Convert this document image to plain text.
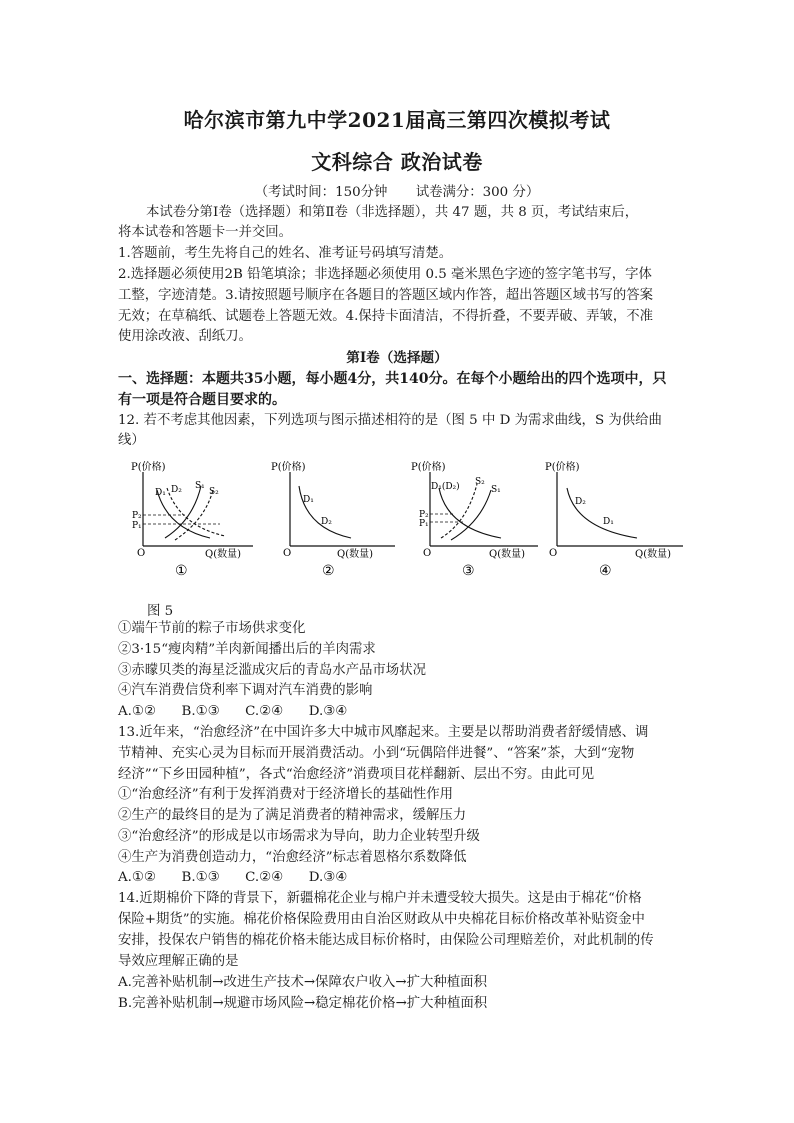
哈尔滨市第九中学2021届高三第四次模拟考试
文科综合 政治试卷
（考试时间：150分钟 试卷满分：300 分）
本试卷分第Ⅰ卷（选择题）和第Ⅱ卷（非选择题），共 47 题，共 8 页，考试结束后，
将本试卷和答题卡一并交回。
1.答题前，考生先将自己的姓名、准考证号码填写清楚。
2.选择题必须使用2B 铅笔填涂；非选择题必须使用 0.5 毫米黑色字迹的签字笔书写，字体
工整，字迹清楚。3.请按照题号顺序在各题目的答题区域内作答，超出答题区域书写的答案
无效；在草稿纸、试题卷上答题无效。4.保持卡面清洁，不得折叠，不要弄破、弄皱，不准
使用涂改液、刮纸刀。
第Ⅰ卷（选择题）
一、选择题：本题共35小题，每小题4分，共140分。在每个小题给出的四个选项中，只
有一项是符合题目要求的。
12. 若不考虑其他因素，下列选项与图示描述相符的是（图 5 中 D 为需求曲线，S 为供给曲
线）
P(价格)
O	Q(数量)
D₁ D₂ S₁
S₂
P₂
P₁
①
P(价格)
O	Q(数量)
D₁
D₂
②
P(价格)
O	Q(数量)
D₁(D₂) S₂
S₁
P₂
P₁
③
P(价格)
O	Q(数量)
D₂
D₁
④
图 5
①端午节前的粽子市场供求变化
②3·15“瘦肉精”羊肉新闻播出后的羊肉需求
③赤曚贝类的海星泛滥成灾后的青岛水产品市场状况
④汽车消费信贷利率下调对汽车消费的影响
A.①②      B.①③      C.②④      D.③④
13.近年来，“治愈经济”在中国许多大中城市风靡起来。主要是以帮助消费者舒缓情感、调
节精神、充实心灵为目标而开展消费活动。小到“玩偶陪伴进餐”、“答案”茶，大到“宠物
经济”“下乡田园种植”，各式“治愈经济”消费项目花样翻新、层出不穷。由此可见
①“治愈经济”有利于发挥消费对于经济增长的基础性作用
②生产的最终目的是为了满足消费者的精神需求，缓解压力
③“治愈经济”的形成是以市场需求为导向，助力企业转型升级
④生产为消费创造动力，“治愈经济”标志着恩格尔系数降低
A.①②      B.①③      C.②④      D.③④
14.近期棉价下降的背景下，新疆棉花企业与棉户并未遭受较大损失。这是由于棉花“价格
保险+期货”的实施。棉花价格保险费用由自治区财政从中央棉花目标价格改革补贴资金中
安排，投保农户销售的棉花价格未能达成目标价格时，由保险公司理赔差价，对此机制的传
导效应理解正确的是
A.完善补贴机制→改进生产技术→保障农户收入→扩大种植面积
B.完善补贴机制→规避市场风险→稳定棉花价格→扩大种植面积
